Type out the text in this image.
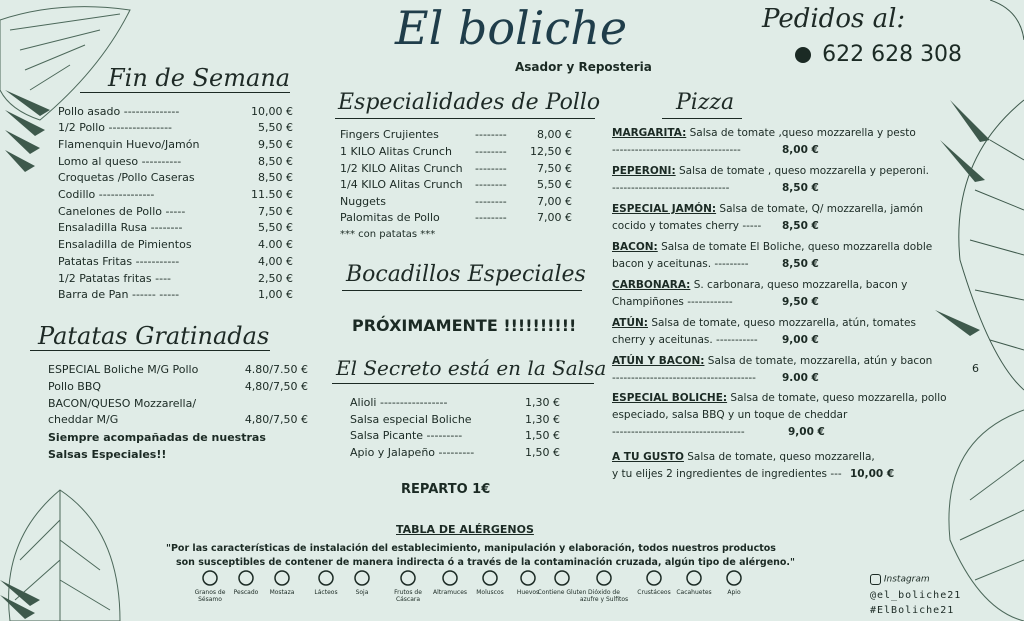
El boliche
Asador y Reposteria
Pedidos al:
622 628 308
Fin de Semana
Pollo asado --------------	10,00 €
1/2 Pollo ----------------	5,50 €
Flamenquin Huevo/Jamón	9,50 €
Lomo al queso ----------	8,50 €
Croquetas /Pollo Caseras	8,50 €
Codillo --------------	11.50 €
Canelones de Pollo -----	7,50 €
Ensaladilla Rusa --------	5,50 €
Ensaladilla de Pimientos	4.00 €
Patatas Fritas -----------	4,00 €
1/2 Patatas fritas ----	2,50 €
Barra de Pan ------ -----	1,00 €
Patatas Gratinadas
ESPECIAL Boliche M/G Pollo	4.80/7.50 €
Pollo BBQ	4,80/7,50 €
BACON/QUESO Mozzarella/
cheddar M/G	4,80/7,50 €
Siempre acompañadas de nuestras
Salsas Especiales!!
Especialidades de Pollo
Fingers Crujientes	--------	8,00 €
1 KILO Alitas Crunch -------- 12,50 €
1/2 KILO Alitas Crunch --------	7,50 €
1/4 KILO Alitas Crunch --------	5,50 €
Nuggets	--------	7,00 €
Palomitas de Pollo	--------	7,00 €
*** con patatas ***
Bocadillos Especiales
PRÓXIMAMENTE !!!!!!!!!!
El Secreto está en la Salsa
Alioli -----------------	1,30 €
Salsa especial Boliche	1,30 €
Salsa Picante ---------	1,50 €
Apio y Jalapeño ---------	1,50 €
REPARTO 1€
Pizza
MARGARITA: Salsa de tomate ,queso mozzarella y pesto
----------------------------------	8,00 €
PEPERONI: Salsa de tomate , queso mozzarella y peperoni.
-------------------------------	8,50 €
ESPECIAL JAMÓN: Salsa de tomate, Q/ mozzarella, jamón
cocido y tomates cherry -----	8,50 €
BACON: Salsa de tomate El Boliche, queso mozzarella doble
bacon y aceitunas. ---------	8,50 €
CARBONARA: S. carbonara, queso mozzarella, bacon y
Champiñones ------------	9,50 €
ATÚN: Salsa de tomate, queso mozzarella, atún, tomates
cherry y aceitunas. -----------	9,00 €
ATÚN Y BACON: Salsa de tomate, mozzarella, atún y bacon
--------------------------------------	9.00 €
ESPECIAL BOLICHE: Salsa de tomate, queso mozzarella, pollo
especiado, salsa BBQ y un toque de cheddar
-----------------------------------	9,00 €
A TU GUSTO Salsa de tomate, queso mozzarella,
y tu elijes 2 ingredientes de ingredientes --- 10,00 €
6
TABLA DE ALÉRGENOS
"Por las características de instalación del establecimiento, manipulación y elaboración, todos nuestros productos
son susceptibles de contener de manera indirecta ó a través de la contaminación cruzada, algún tipo de alérgeno."
Granos de Sésamo
Pescado	Mostaza	Lácteos	Soja	Frutos de Cáscara
Altramuces	Moluscos	Huevos
Contiene Gluten Dióxido de azufre y Sulfitos
Crustáceos Cacahuetes	Apio
Instagram
@el_boliche21
#ElBoliche21
